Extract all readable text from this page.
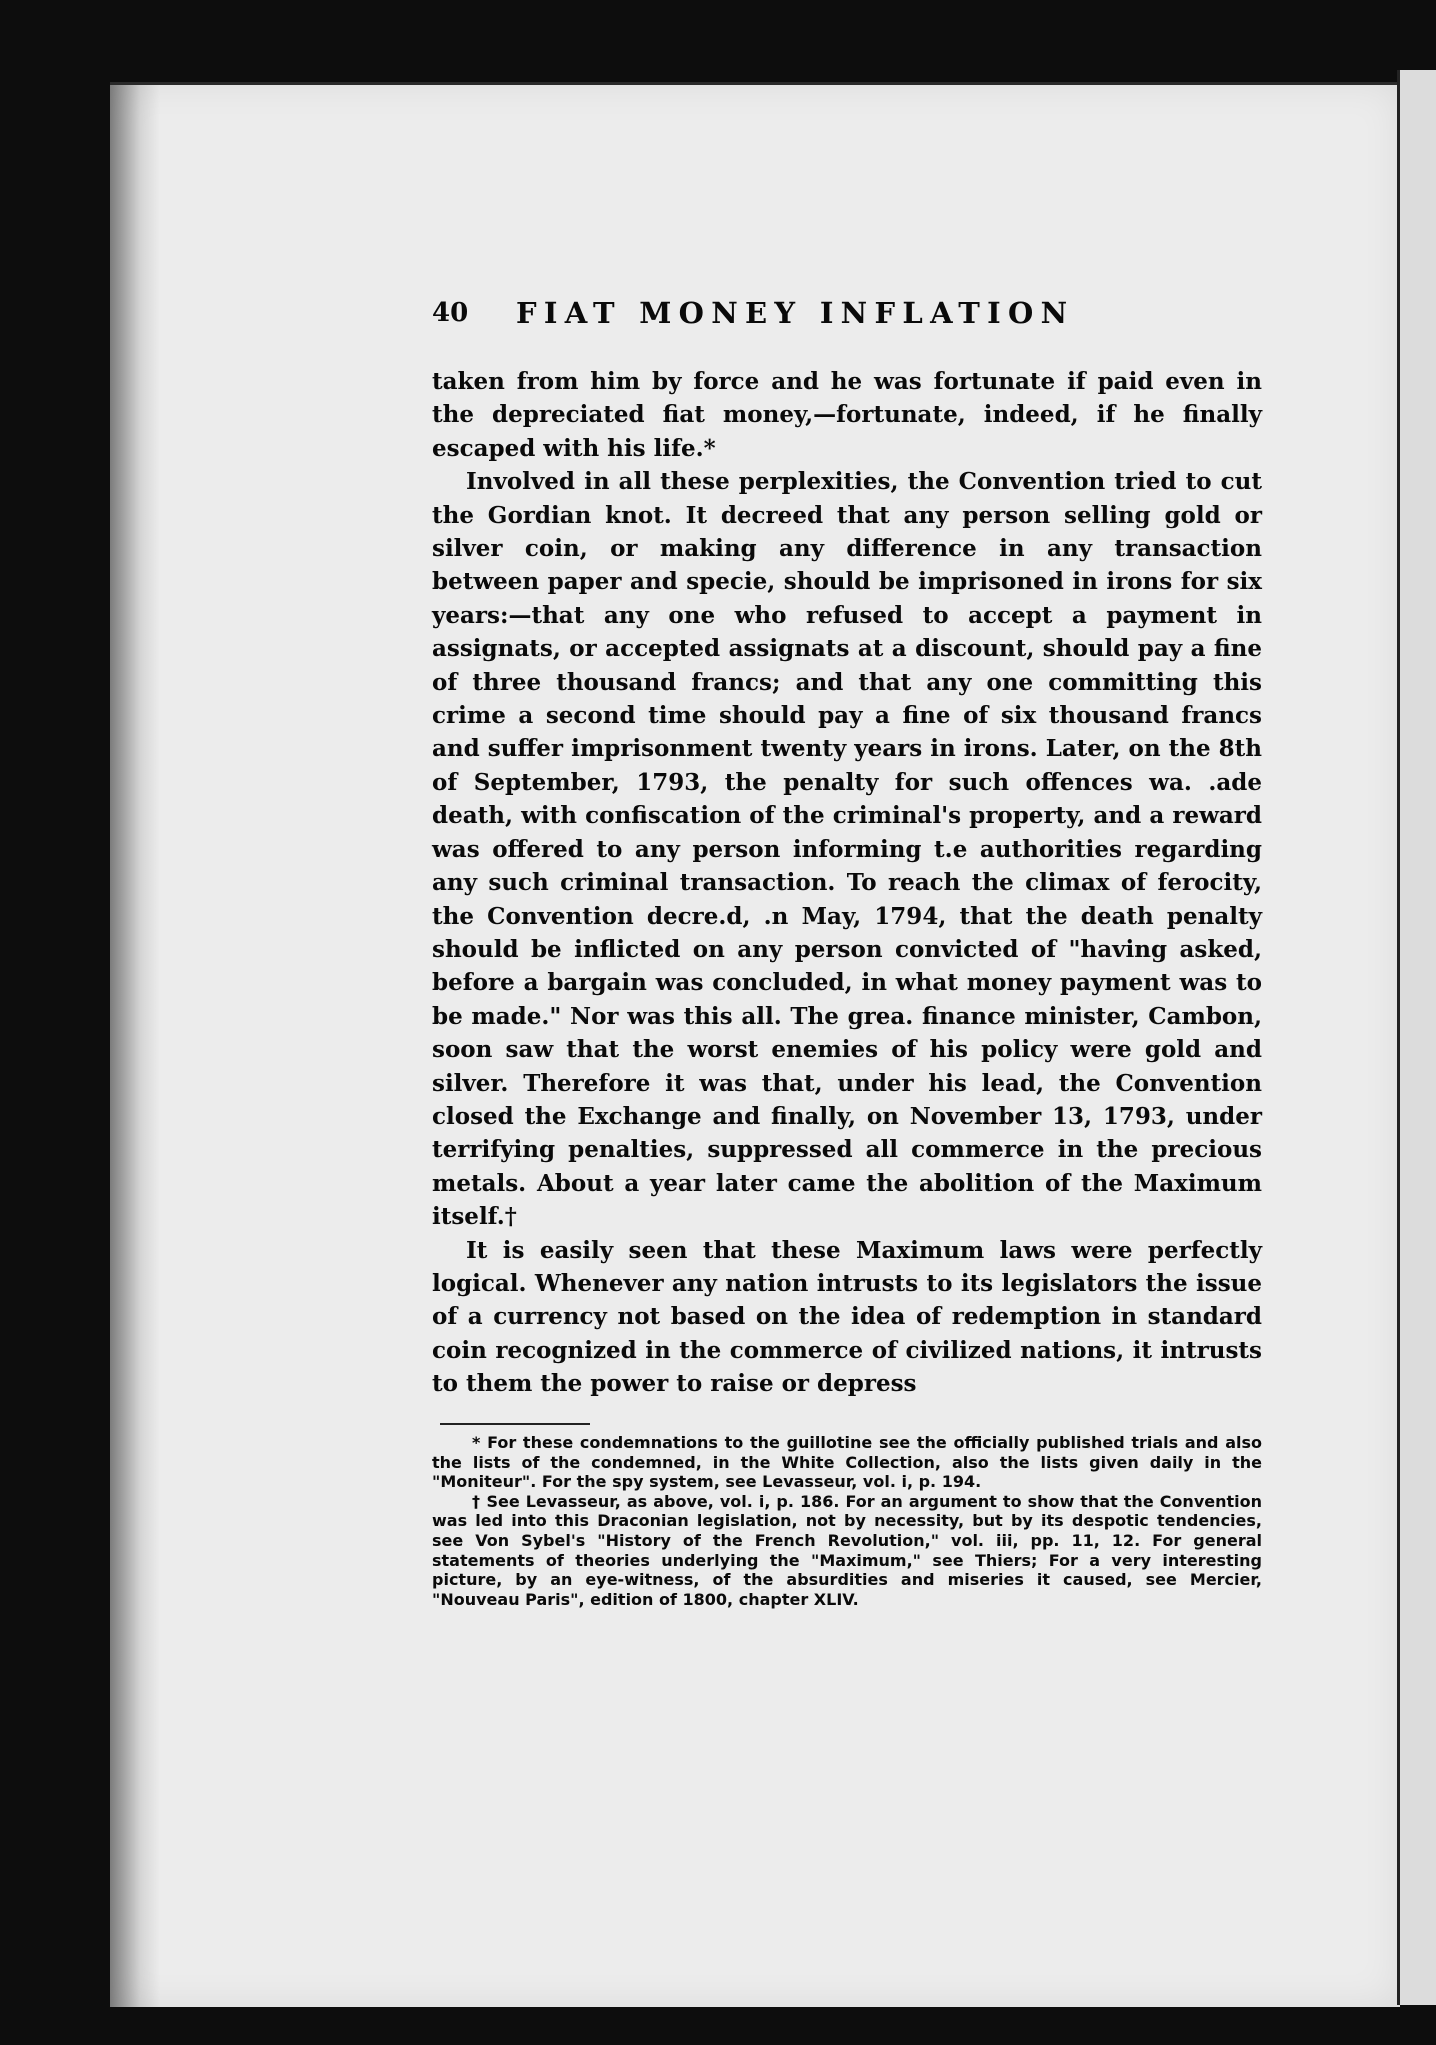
40 FIAT MONEY INFLATION

taken from him by force and he was fortunate if paid even in the depreciated fiat money,—fortunate, indeed, if he finally escaped with his life.*

Involved in all these perplexities, the Convention tried to cut the Gordian knot. It decreed that any person selling gold or silver coin, or making any difference in any transaction between paper and specie, should be imprisoned in irons for six years:—that any one who refused to accept a payment in assignats, or accepted assignats at a discount, should pay a fine of three thousand francs; and that any one committing this crime a second time should pay a fine of six thousand francs and suffer imprisonment twenty years in irons. Later, on the 8th of September, 1793, the penalty for such offences wa. .ade death, with confiscation of the criminal's property, and a reward was offered to any person informing t.e authorities regarding any such criminal transaction. To reach the climax of ferocity, the Convention decre.d, .n May, 1794, that the death penalty should be inflicted on any person convicted of "having asked, before a bargain was concluded, in what money payment was to be made." Nor was this all. The grea. finance minister, Cambon, soon saw that the worst enemies of his policy were gold and silver. Therefore it was that, under his lead, the Convention closed the Exchange and finally, on November 13, 1793, under terrifying penalties, suppressed all commerce in the precious metals. About a year later came the abolition of the Maximum itself.†

It is easily seen that these Maximum laws were perfectly logical. Whenever any nation intrusts to its legislators the issue of a currency not based on the idea of redemption in standard coin recognized in the commerce of civilized nations, it intrusts to them the power to raise or depress

* For these condemnations to the guillotine see the officially published trials and also the lists of the condemned, in the White Collection, also the lists given daily in the "Moniteur". For the spy system, see Levasseur, vol. i, p. 194.

† See Levasseur, as above, vol. i, p. 186. For an argument to show that the Convention was led into this Draconian legislation, not by necessity, but by its despotic tendencies, see Von Sybel's "History of the French Revolution," vol. iii, pp. 11, 12. For general statements of theories underlying the "Maximum," see Thiers; For a very interesting picture, by an eye-witness, of the absurdities and miseries it caused, see Mercier, "Nouveau Paris", edition of 1800, chapter XLIV.
